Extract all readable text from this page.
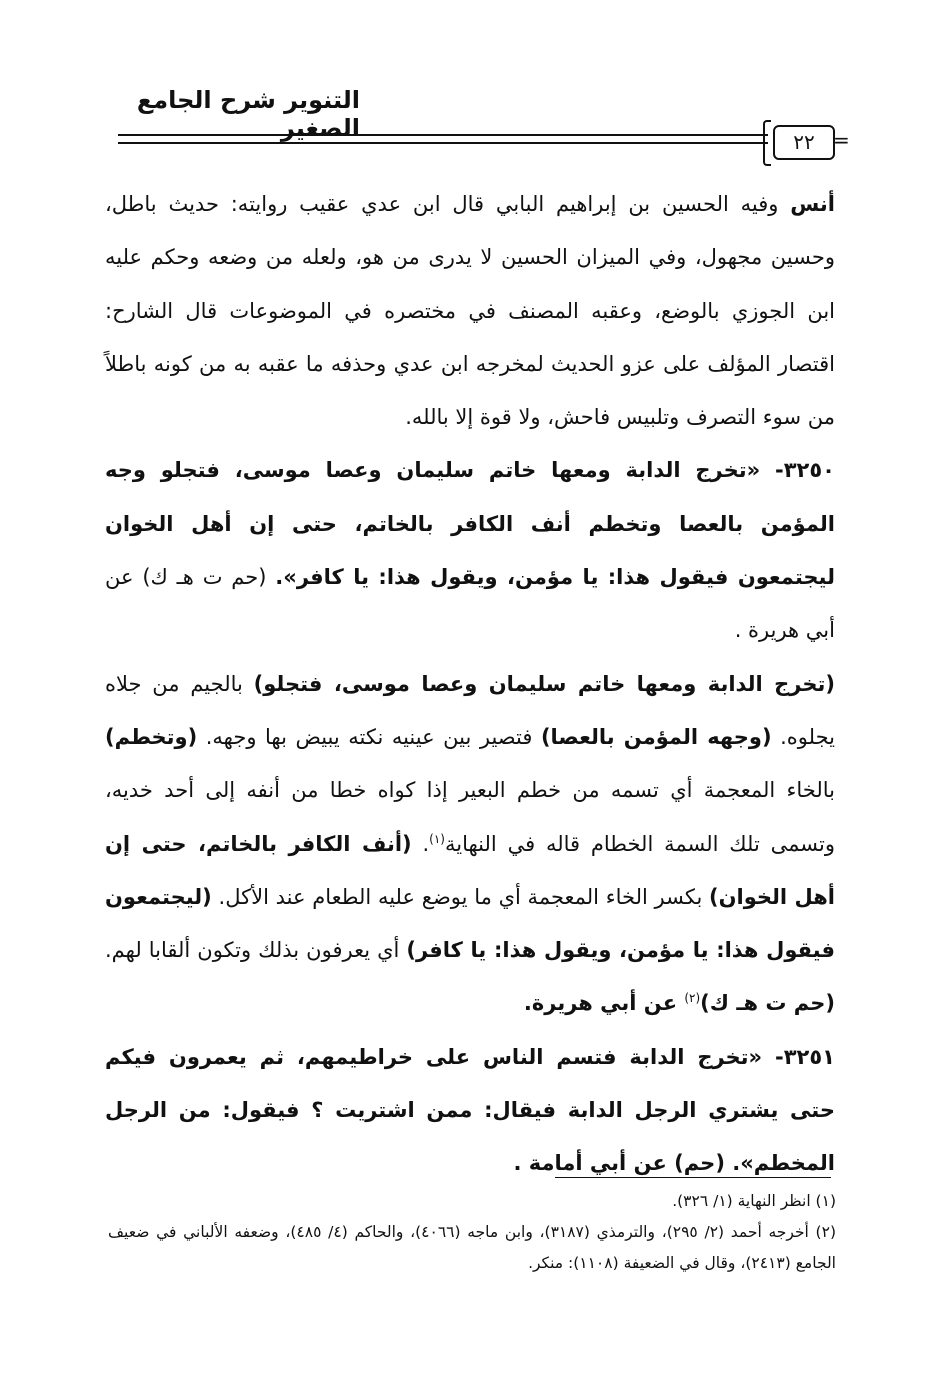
التنوير شرح الجامع الصغير	٢٢ =

أنس وفيه الحسين بن إبراهيم البابي قال ابن عدي عقيب روايته: حديث باطل، وحسين مجهول، وفي الميزان الحسين لا يدرى من هو، ولعله من وضعه وحكم عليه ابن الجوزي بالوضع، وعقبه المصنف في مختصره في الموضوعات قال الشارح: اقتصار المؤلف على عزو الحديث لمخرجه ابن عدي وحذفه ما عقبه به من كونه باطلاً من سوء التصرف وتلبيس فاحش، ولا قوة إلا بالله.

٣٢٥٠- «تخرج الدابة ومعها خاتم سليمان وعصا موسى، فتجلو وجه المؤمن بالعصا وتخطم أنف الكافر بالخاتم، حتى إن أهل الخوان ليجتمعون فيقول هذا: يا مؤمن، ويقول هذا: يا كافر». (حم ت هـ ك) عن أبي هريرة .

(تخرج الدابة ومعها خاتم سليمان وعصا موسى، فتجلو) بالجيم من جلاه يجلوه. (وجهه المؤمن بالعصا) فتصير بين عينيه نكته يبيض بها وجهه. (وتخطم) بالخاء المعجمة أي تسمه من خطم البعير إذا كواه خطا من أنفه إلى أحد خديه، وتسمى تلك السمة الخطام قاله في النهاية$^{(١)}$. (أنف الكافر بالخاتم، حتى إن أهل الخوان) بكسر الخاء المعجمة أي ما يوضع عليه الطعام عند الأكل. (ليجتمعون فيقول هذا: يا مؤمن، ويقول هذا: يا كافر) أي يعرفون بذلك وتكون ألقابا لهم. (حم ت هـ ك)$^{(٢)}$ عن أبي هريرة.

٣٢٥١- «تخرج الدابة فتسم الناس على خراطيمهم، ثم يعمرون فيكم حتى يشتري الرجل الدابة فيقال: ممن اشتريت ؟ فيقول: من الرجل المخطم». (حم) عن أبي أمامة .

(١) انظر النهاية (١/ ٣٢٦).

(٢) أخرجه أحمد (٢/ ٢٩٥)، والترمذي (٣١٨٧)، وابن ماجه (٤٠٦٦)، والحاكم (٤/ ٤٨٥)، وضعفه الألباني في ضعيف الجامع (٢٤١٣)، وقال في الضعيفة (١١٠٨): منكر.
